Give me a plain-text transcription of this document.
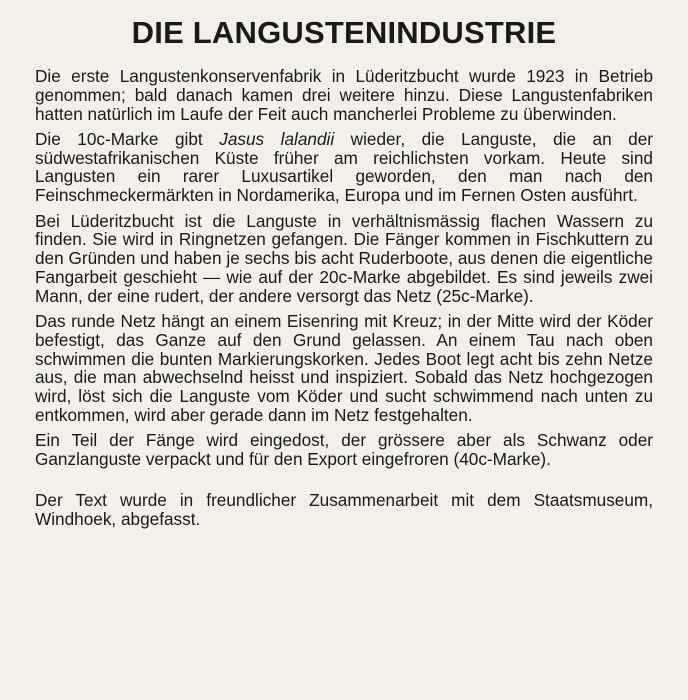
DIE LANGUSTENINDUSTRIE

Die erste Langustenkonservenfabrik in Lüderitzbucht wurde 1923 in Betrieb genommen; bald danach kamen drei weitere hinzu. Diese Langustenfabriken hatten natürlich im Laufe der Feit auch mancherlei Probleme zu überwinden.

Die 10c-Marke gibt Jasus lalandii wieder, die Languste, die an der südwestafrikanischen Küste früher am reichlichsten vorkam. Heute sind Langusten ein rarer Luxusartikel geworden, den man nach den Feinschmeckermärkten in Nordamerika, Europa und im Fernen Osten ausführt.

Bei Lüderitzbucht ist die Languste in verhältnismässig flachen Wassern zu finden. Sie wird in Ringnetzen gefangen. Die Fänger kommen in Fischkuttern zu den Gründen und haben je sechs bis acht Ruderboote, aus denen die eigentliche Fangarbeit geschieht — wie auf der 20c-Marke abgebildet. Es sind jeweils zwei Mann, der eine rudert, der andere versorgt das Netz (25c-Marke).

Das runde Netz hängt an einem Eisenring mit Kreuz; in der Mitte wird der Köder befestigt, das Ganze auf den Grund gelassen. An einem Tau nach oben schwimmen die bunten Markierungskorken. Jedes Boot legt acht bis zehn Netze aus, die man abwechselnd heisst und inspiziert. Sobald das Netz hochgezogen wird, löst sich die Languste vom Köder und sucht schwimmend nach unten zu entkommen, wird aber gerade dann im Netz festgehalten.

Ein Teil der Fänge wird eingedost, der grössere aber als Schwanz oder Ganzlanguste verpackt und für den Export eingefroren (40c-Marke).

Der Text wurde in freundlicher Zusammenarbeit mit dem Staatsmuseum, Windhoek, abgefasst.
